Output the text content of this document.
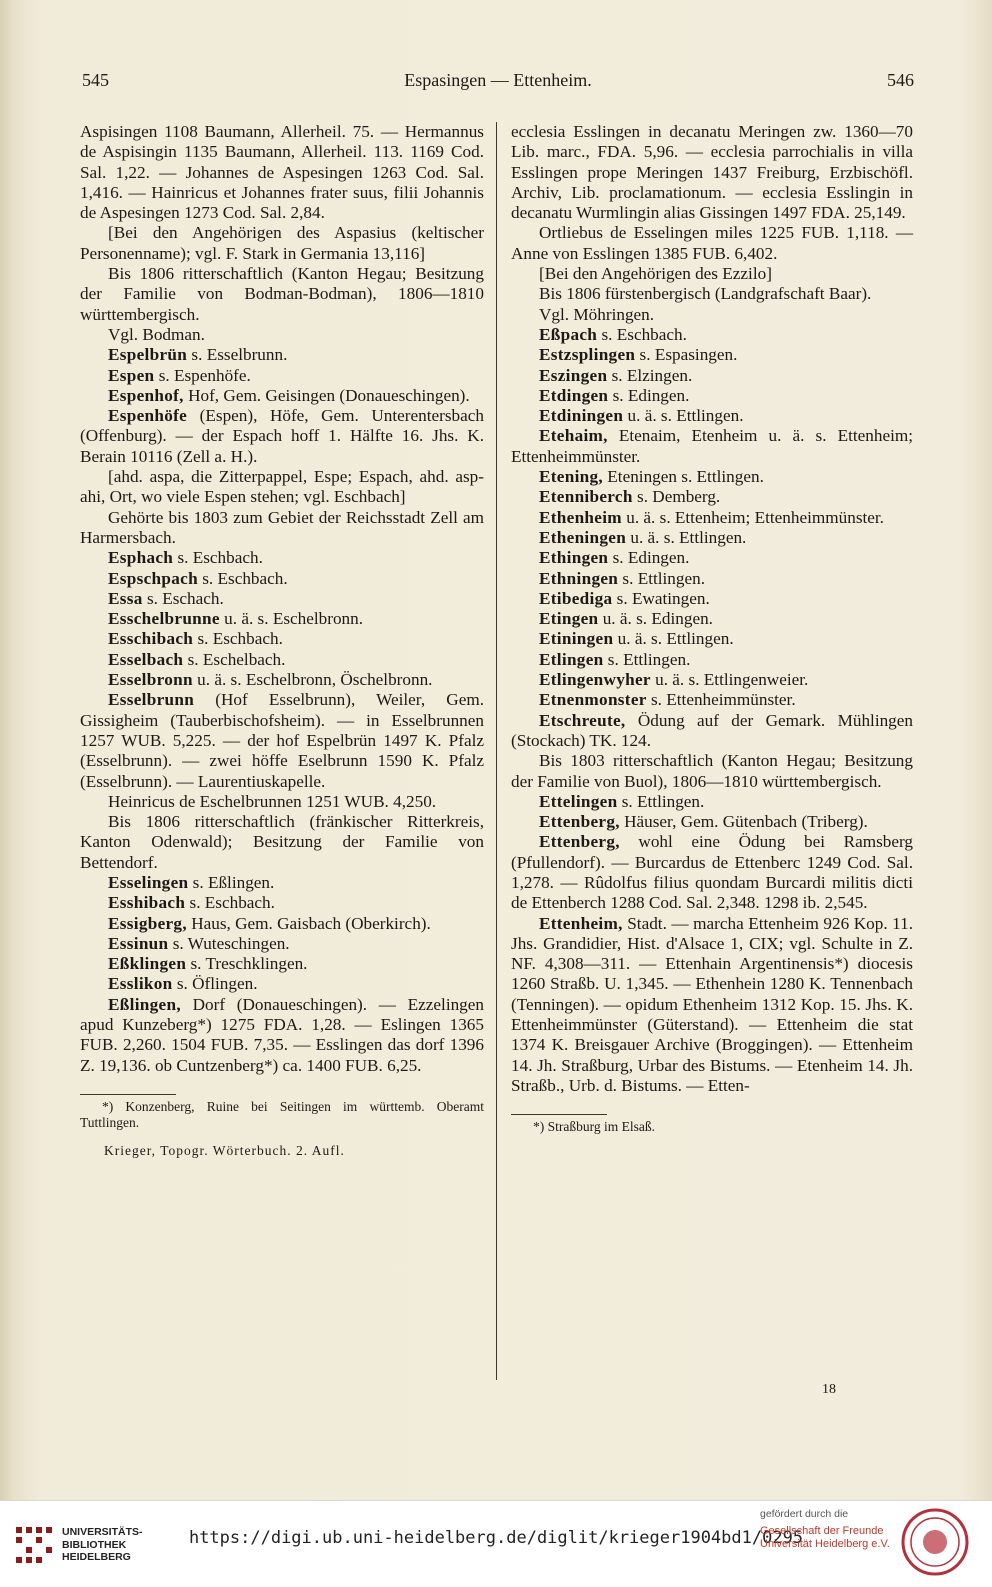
545	Espasingen — Ettenheim.	546

Aspisingen 1108 Baumann, Allerheil. 75. — Hermannus de Aspisingin 1135 Baumann, Allerheil. 113. 1169 Cod. Sal. 1,22. — Johannes de Aspesingen 1263 Cod. Sal. 1,416. — Hainricus et Johannes frater suus, filii Johannis de Aspesingen 1273 Cod. Sal. 2,84.

[Bei den Angehörigen des Aspasius (keltischer Personenname); vgl. F. Stark in Germania 13,116]

Bis 1806 ritterschaftlich (Kanton Hegau; Besitzung der Familie von Bodman-Bodman), 1806—1810 württembergisch.

Vgl. Bodman.

Espelbrün s. Esselbrunn.

Espen s. Espenhöfe.

Espenhof, Hof, Gem. Geisingen (Donaueschingen).

Espenhöfe (Espen), Höfe, Gem. Unterentersbach (Offenburg). — der Espach hoff 1. Hälfte 16. Jhs. K. Berain 10116 (Zell a. H.).

[ahd. aspa, die Zitterpappel, Espe; Espach, ahd. asp-ahi, Ort, wo viele Espen stehen; vgl. Eschbach]

Gehörte bis 1803 zum Gebiet der Reichsstadt Zell am Harmersbach.

Esphach s. Eschbach.

Espschpach s. Eschbach.

Essa s. Eschach.

Esschelbrunne u. ä. s. Eschelbronn.

Esschibach s. Eschbach.

Esselbach s. Eschelbach.

Esselbronn u. ä. s. Eschelbronn, Öschelbronn.

Esselbrunn (Hof Esselbrunn), Weiler, Gem. Gissigheim (Tauberbischofsheim). — in Esselbrunnen 1257 WUB. 5,225. — der hof Espelbrün 1497 K. Pfalz (Esselbrunn). — zwei höffe Eselbrunn 1590 K. Pfalz (Esselbrunn). — Laurentiuskapelle.

Heinricus de Eschelbrunnen 1251 WUB. 4,250.

Bis 1806 ritterschaftlich (fränkischer Ritterkreis, Kanton Odenwald); Besitzung der Familie von Bettendorf.

Esselingen s. Eßlingen.

Esshibach s. Eschbach.

Essigberg, Haus, Gem. Gaisbach (Oberkirch).

Essinun s. Wuteschingen.

Eßklingen s. Treschklingen.

Esslikon s. Öflingen.

Eßlingen, Dorf (Donaueschingen). — Ezzelingen apud Kunzeberg*) 1275 FDA. 1,28. — Eslingen 1365 FUB. 2,260. 1504 FUB. 7,35. — Esslingen das dorf 1396 Z. 19,136. ob Cuntzenberg*) ca. 1400 FUB. 6,25.

*) Konzenberg, Ruine bei Seitingen im württemb. Oberamt Tuttlingen.

Krieger, Topogr. Wörterbuch. 2. Aufl.

ecclesia Esslingen in decanatu Meringen zw. 1360—70 Lib. marc., FDA. 5,96. — ecclesia parrochialis in villa Esslingen prope Meringen 1437 Freiburg, Erzbischöfl. Archiv, Lib. proclamationum. — ecclesia Esslingin in decanatu Wurmlingin alias Gissingen 1497 FDA. 25,149.

Ortliebus de Esselingen miles 1225 FUB. 1,118. — Anne von Esslingen 1385 FUB. 6,402.

[Bei den Angehörigen des Ezzilo]

Bis 1806 fürstenbergisch (Landgrafschaft Baar).

Vgl. Möhringen.

Eßpach s. Eschbach.

Estzsplingen s. Espasingen.

Eszingen s. Elzingen.

Etdingen s. Edingen.

Etdiningen u. ä. s. Ettlingen.

Etehaim, Etenaim, Etenheim u. ä. s. Ettenheim; Ettenheimmünster.

Etening, Eteningen s. Ettlingen.

Etenniberch s. Demberg.

Ethenheim u. ä. s. Ettenheim; Ettenheimmünster.

Etheningen u. ä. s. Ettlingen.

Ethingen s. Edingen.

Ethningen s. Ettlingen.

Etibediga s. Ewatingen.

Etingen u. ä. s. Edingen.

Etiningen u. ä. s. Ettlingen.

Etlingen s. Ettlingen.

Etlingenwyher u. ä. s. Ettlingenweier.

Etnenmonster s. Ettenheimmünster.

Etschreute, Ödung auf der Gemark. Mühlingen (Stockach) TK. 124.

Bis 1803 ritterschaftlich (Kanton Hegau; Besitzung der Familie von Buol), 1806—1810 württembergisch.

Ettelingen s. Ettlingen.

Ettenberg, Häuser, Gem. Gütenbach (Triberg).

Ettenberg, wohl eine Ödung bei Ramsberg (Pfullendorf). — Burcardus de Ettenberc 1249 Cod. Sal. 1,278. — Rûdolfus filius quondam Burcardi militis dicti de Ettenberch 1288 Cod. Sal. 2,348. 1298 ib. 2,545.

Ettenheim, Stadt. — marcha Ettenheim 926 Kop. 11. Jhs. Grandidier, Hist. d'Alsace 1, CIX; vgl. Schulte in Z. NF. 4,308—311. — Ettenhain Argentinensis*) diocesis 1260 Straßb. U. 1,345. — Ethenhein 1280 K. Tennenbach (Tenningen). — opidum Ethenheim 1312 Kop. 15. Jhs. K. Ettenheimmünster (Güterstand). — Ettenheim die stat 1374 K. Breisgauer Archive (Broggingen). — Ettenheim 14. Jh. Straßburg, Urbar des Bistums. — Etenheim 14. Jh. Straßb., Urb. d. Bistums. — Etten-

*) Straßburg im Elsaß.

18
UNIVERSITÄTS-
BIBLIOTHEK
HEIDELBERG
https://digi.ub.uni-heidelberg.de/diglit/krieger1904bd1/0295
gefördert durch die
Gesellschaft der Freunde
Universität Heidelberg e.V.
